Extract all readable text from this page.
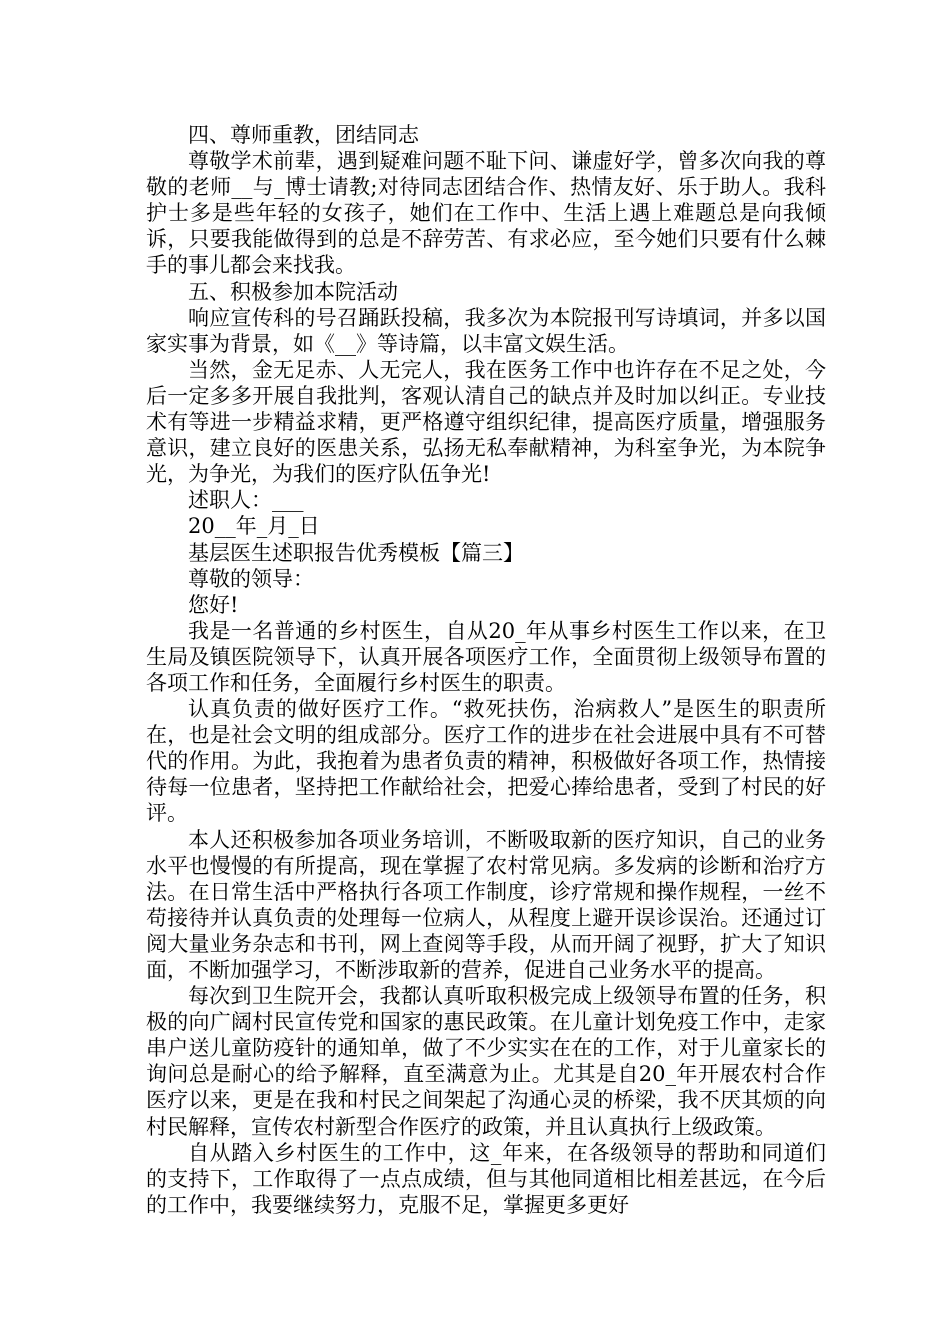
四、尊师重教，团结同志

尊敬学术前辈，遇到疑难问题不耻下问、谦虚好学，曾多次向我的尊敬的老师__与_博士请教;对待同志团结合作、热情友好、乐于助人。我科护士多是些年轻的女孩子，她们在工作中、生活上遇上难题总是向我倾诉，只要我能做得到的总是不辞劳苦、有求必应，至今她们只要有什么棘手的事儿都会来找我。

五、积极参加本院活动

响应宣传科的号召踊跃投稿，我多次为本院报刊写诗填词，并多以国家实事为背景，如《__》等诗篇，以丰富文娱生活。

当然，金无足赤、人无完人，我在医务工作中也许存在不足之处，今后一定多多开展自我批判，客观认清自己的缺点并及时加以纠正。专业技术有等进一步精益求精，更严格遵守组织纪律，提高医疗质量，增强服务意识，建立良好的医患关系，弘扬无私奉献精神，为科室争光，为本院争光，为争光，为我们的医疗队伍争光!

述职人：___

20__年_月_日

基层医生述职报告优秀模板【篇三】

尊敬的领导：

您好!

我是一名普通的乡村医生，自从20_年从事乡村医生工作以来，在卫生局及镇医院领导下，认真开展各项医疗工作，全面贯彻上级领导布置的各项工作和任务，全面履行乡村医生的职责。

认真负责的做好医疗工作。“救死扶伤，治病救人”是医生的职责所在，也是社会文明的组成部分。医疗工作的进步在社会进展中具有不可替代的作用。为此，我抱着为患者负责的精神，积极做好各项工作，热情接待每一位患者，坚持把工作献给社会，把爱心捧给患者，受到了村民的好评。

本人还积极参加各项业务培训，不断吸取新的医疗知识，自己的业务水平也慢慢的有所提高，现在掌握了农村常见病。多发病的诊断和治疗方法。在日常生活中严格执行各项工作制度，诊疗常规和操作规程，一丝不苟接待并认真负责的处理每一位病人，从程度上避开误诊误治。还通过订阅大量业务杂志和书刊，网上查阅等手段，从而开阔了视野，扩大了知识面，不断加强学习，不断涉取新的营养，促进自己业务水平的提高。

每次到卫生院开会，我都认真听取积极完成上级领导布置的任务，积极的向广阔村民宣传党和国家的惠民政策。在儿童计划免疫工作中，走家串户送儿童防疫针的通知单，做了不少实实在在的工作，对于儿童家长的询问总是耐心的给予解释，直至满意为止。尤其是自20_年开展农村合作医疗以来，更是在我和村民之间架起了沟通心灵的桥梁，我不厌其烦的向村民解释，宣传农村新型合作医疗的政策，并且认真执行上级政策。

自从踏入乡村医生的工作中，这_年来，在各级领导的帮助和同道们的支持下，工作取得了一点点成绩，但与其他同道相比相差甚远，在今后的工作中，我要继续努力，克服不足，掌握更多更好
